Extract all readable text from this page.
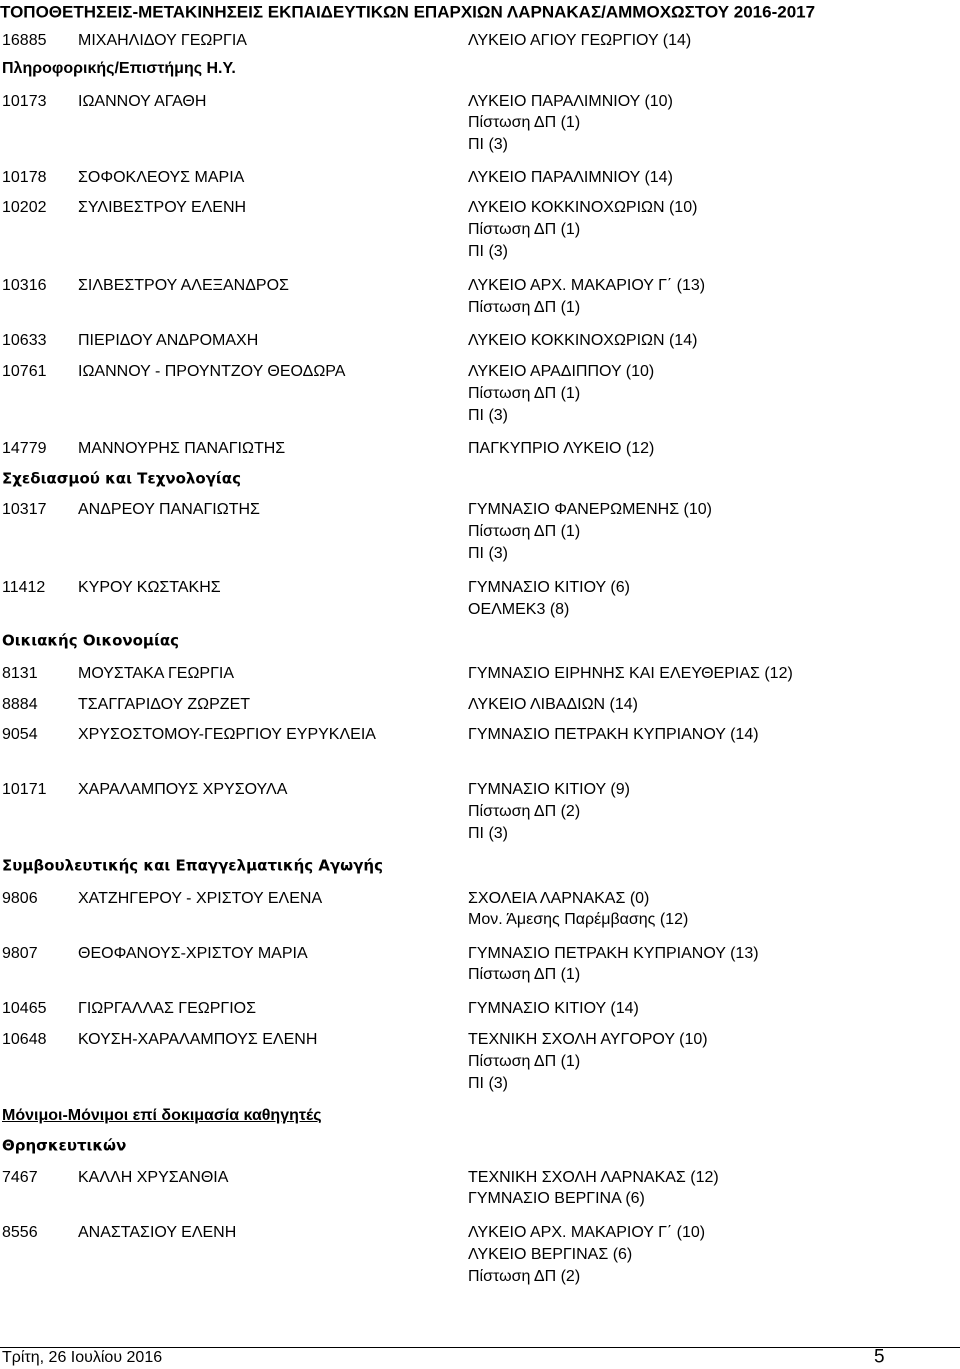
ΤΟΠΟΘΕΤΗΣΕΙΣ-ΜΕΤΑΚΙΝΗΣΕΙΣ ΕΚΠΑΙΔΕΥΤΙΚΩΝ ΕΠΑΡΧΙΩΝ ΛΑΡΝΑΚΑΣ/ΑΜΜΟΧΩΣΤΟΥ 2016-2017
16885 ΜΙΧΑΗΛΙΔΟΥ ΓΕΩΡΓΙΑ	ΛΥΚΕΙΟ ΑΓΙΟΥ ΓΕΩΡΓΙΟΥ (14)
Πληροφορικής/Επιστήμης Η.Υ.
10173 ΙΩΑΝΝΟΥ ΑΓΑΘΗ	ΛΥΚΕΙΟ ΠΑΡΑΛΙΜΝΙΟΥ (10)
Πίστωση ΔΠ (1)
ΠΙ (3)
10178 ΣΟΦΟΚΛΕΟΥΣ ΜΑΡΙΑ	ΛΥΚΕΙΟ ΠΑΡΑΛΙΜΝΙΟΥ (14)
10202 ΣΥΛΙΒΕΣΤΡΟΥ ΕΛΕΝΗ	ΛΥΚΕΙΟ ΚΟΚΚΙΝΟΧΩΡΙΩΝ (10)
Πίστωση ΔΠ (1)
ΠΙ (3)
10316 ΣΙΛΒΕΣΤΡΟΥ ΑΛΕΞΑΝΔΡΟΣ	ΛΥΚΕΙΟ ΑΡΧ. ΜΑΚΑΡΙΟΥ Γ΄ (13)
Πίστωση ΔΠ (1)
10633 ΠΙΕΡΙΔΟΥ ΑΝΔΡΟΜΑΧΗ	ΛΥΚΕΙΟ ΚΟΚΚΙΝΟΧΩΡΙΩΝ (14)
10761 ΙΩΑΝΝΟΥ - ΠΡΟΥΝΤΖΟΥ ΘΕΟΔΩΡΑ	ΛΥΚΕΙΟ ΑΡΑΔΙΠΠΟΥ (10)
Πίστωση ΔΠ (1)
ΠΙ (3)
14779 ΜΑΝΝΟΥΡΗΣ ΠΑΝΑΓΙΩΤΗΣ	ΠΑΓΚΥΠΡΙΟ ΛΥΚΕΙΟ (12)
Σχεδιασμού και Τεχνολογίας
10317 ΑΝΔΡΕΟΥ ΠΑΝΑΓΙΩΤΗΣ	ΓΥΜΝΑΣΙΟ ΦΑΝΕΡΩΜΕΝΗΣ (10)
Πίστωση ΔΠ (1)
ΠΙ (3)
11412 ΚΥΡΟΥ ΚΩΣΤΑΚΗΣ	ΓΥΜΝΑΣΙΟ ΚΙΤΙΟΥ (6)
ΟΕΛΜΕΚ3 (8)
Οικιακής Οικονομίας
8131	ΜΟΥΣΤΑΚΑ ΓΕΩΡΓΙΑ	ΓΥΜΝΑΣΙΟ ΕΙΡΗΝΗΣ ΚΑΙ ΕΛΕΥΘΕΡΙΑΣ (12)
8884	ΤΣΑΓΓΑΡΙΔΟΥ ΖΩΡΖΕΤ	ΛΥΚΕΙΟ ΛΙΒΑΔΙΩΝ (14)
9054	ΧΡΥΣΟΣΤΟΜΟΥ-ΓΕΩΡΓΙΟΥ ΕΥΡΥΚΛΕΙΑ	ΓΥΜΝΑΣΙΟ ΠΕΤΡΑΚΗ ΚΥΠΡΙΑΝΟΥ (14)
10171 ΧΑΡΑΛΑΜΠΟΥΣ ΧΡΥΣΟΥΛΑ	ΓΥΜΝΑΣΙΟ ΚΙΤΙΟΥ (9)
Πίστωση ΔΠ (2)
ΠΙ (3)
Συμβουλευτικής και Επαγγελματικής Αγωγής
9806	ΧΑΤΖΗΓΕΡΟΥ - ΧΡΙΣΤΟΥ ΕΛΕΝΑ	ΣΧΟΛΕΙΑ ΛΑΡΝΑΚΑΣ (0)
Μον. Άμεσης Παρέμβασης (12)
9807	ΘΕΟΦΑΝΟΥΣ-ΧΡΙΣΤΟΥ ΜΑΡΙΑ	ΓΥΜΝΑΣΙΟ ΠΕΤΡΑΚΗ ΚΥΠΡΙΑΝΟΥ (13)
Πίστωση ΔΠ (1)
10465 ΓΙΩΡΓΑΛΛΑΣ ΓΕΩΡΓΙΟΣ	ΓΥΜΝΑΣΙΟ ΚΙΤΙΟΥ (14)
10648 ΚΟΥΣΗ-ΧΑΡΑΛΑΜΠΟΥΣ ΕΛΕΝΗ	ΤΕΧΝΙΚΗ ΣΧΟΛΗ ΑΥΓΟΡΟΥ (10)
Πίστωση ΔΠ (1)
ΠΙ (3)
Μόνιμοι-Μόνιμοι επί δοκιμασία καθηγητές
Θρησκευτικών
7467	ΚΑΛΛΗ ΧΡΥΣΑΝΘΙΑ	ΤΕΧΝΙΚΗ ΣΧΟΛΗ ΛΑΡΝΑΚΑΣ (12)
ΓΥΜΝΑΣΙΟ ΒΕΡΓΙΝΑ (6)
8556	ΑΝΑΣΤΑΣΙΟΥ ΕΛΕΝΗ	ΛΥΚΕΙΟ ΑΡΧ. ΜΑΚΑΡΙΟΥ Γ΄ (10)
ΛΥΚΕΙΟ ΒΕΡΓΙΝΑΣ (6)
Πίστωση ΔΠ (2)
Τρίτη, 26 Ιουλίου 2016	5
